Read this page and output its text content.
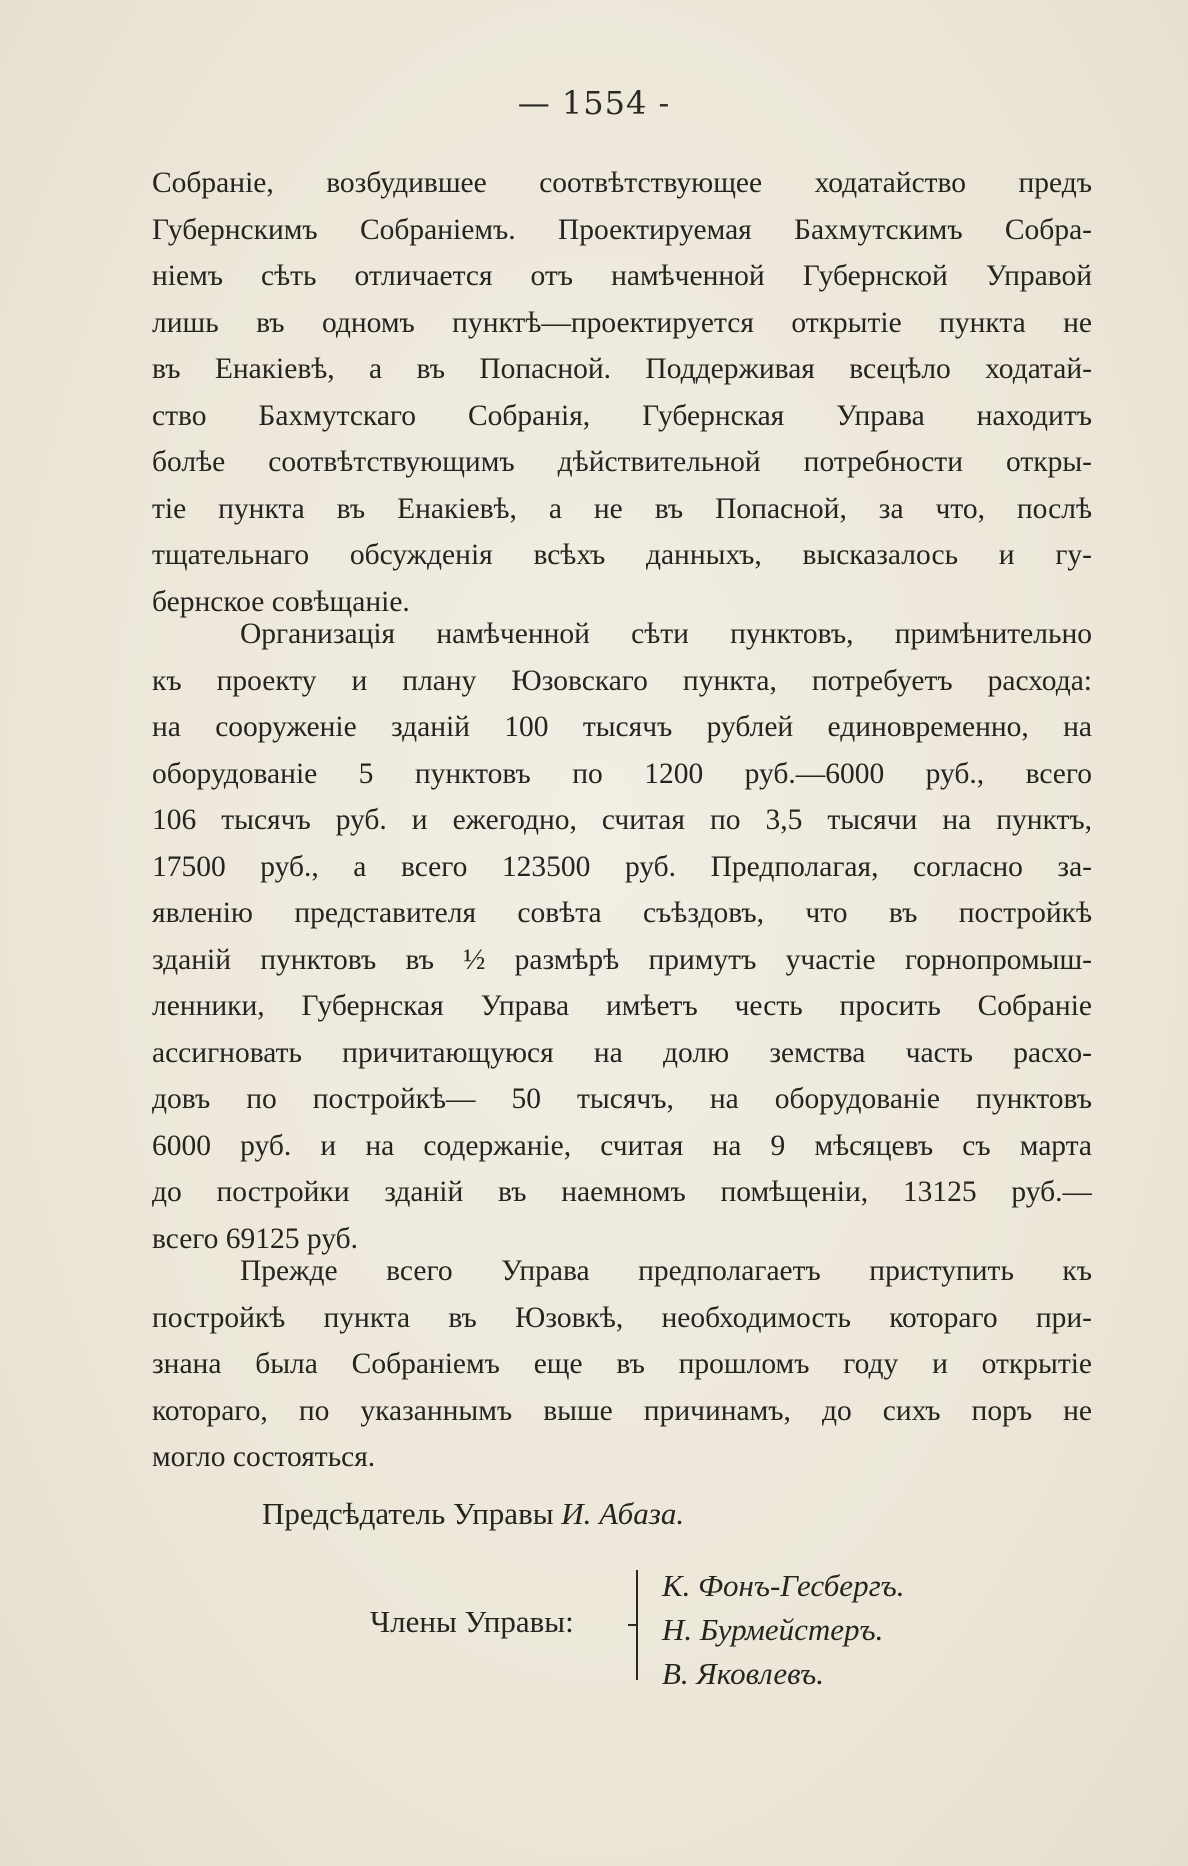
— 1554 -
Собраніе, возбудившее соотвѣтствующее ходатайство предъ
Губернскимъ Собраніемъ. Проектируемая Бахмутскимъ Собра-
ніемъ сѣть отличается отъ намѣченной Губернской Управой
лишь въ одномъ пунктѣ—проектируется открытіе пункта не
въ Енакіевѣ, а въ Попасной. Поддерживая всецѣло ходатай-
ство Бахмутскаго Собранія, Губернская Управа находитъ
болѣе соотвѣтствующимъ дѣйствительной потребности откры-
тіе пункта въ Енакіевѣ, а не въ Попасной, за что, послѣ
тщательнаго обсужденія всѣхъ данныхъ, высказалось и гу-
бернское совѣщаніе.
Организація намѣченной сѣти пунктовъ, примѣнительно
къ проекту и плану Юзовскаго пункта, потребуетъ расхода:
на сооруженіе зданій 100 тысячъ рублей единовременно, на
оборудованіе 5 пунктовъ по 1200 руб.—6000 руб., всего
106 тысячъ руб. и ежегодно, считая по 3,5 тысячи на пунктъ,
17500 руб., а всего 123500 руб. Предполагая, согласно за-
явленію представителя совѣта съѣздовъ, что въ постройкѣ
зданій пунктовъ въ ½ размѣрѣ примутъ участіе горнопромыш-
ленники, Губернская Управа имѣетъ честь просить Собраніе
ассигновать причитающуюся на долю земства часть расхо-
довъ по постройкѣ— 50 тысячъ, на оборудованіе пунктовъ
6000 руб. и на содержаніе, считая на 9 мѣсяцевъ съ марта
до постройки зданій въ наемномъ помѣщеніи, 13125 руб.—
всего 69125 руб.
Прежде всего Управа предполагаетъ приступить къ
постройкѣ пункта въ Юзовкѣ, необходимость котораго при-
знана была Собраніемъ еще въ прошломъ году и открытіе
котораго, по указаннымъ выше причинамъ, до сихъ поръ не
могло состояться.
Предсѣдатель Управы И. Абаза.
Члены Управы:
К. Фонъ-Гесбергъ.
Н. Бурмейстеръ.
В. Яковлевъ.
